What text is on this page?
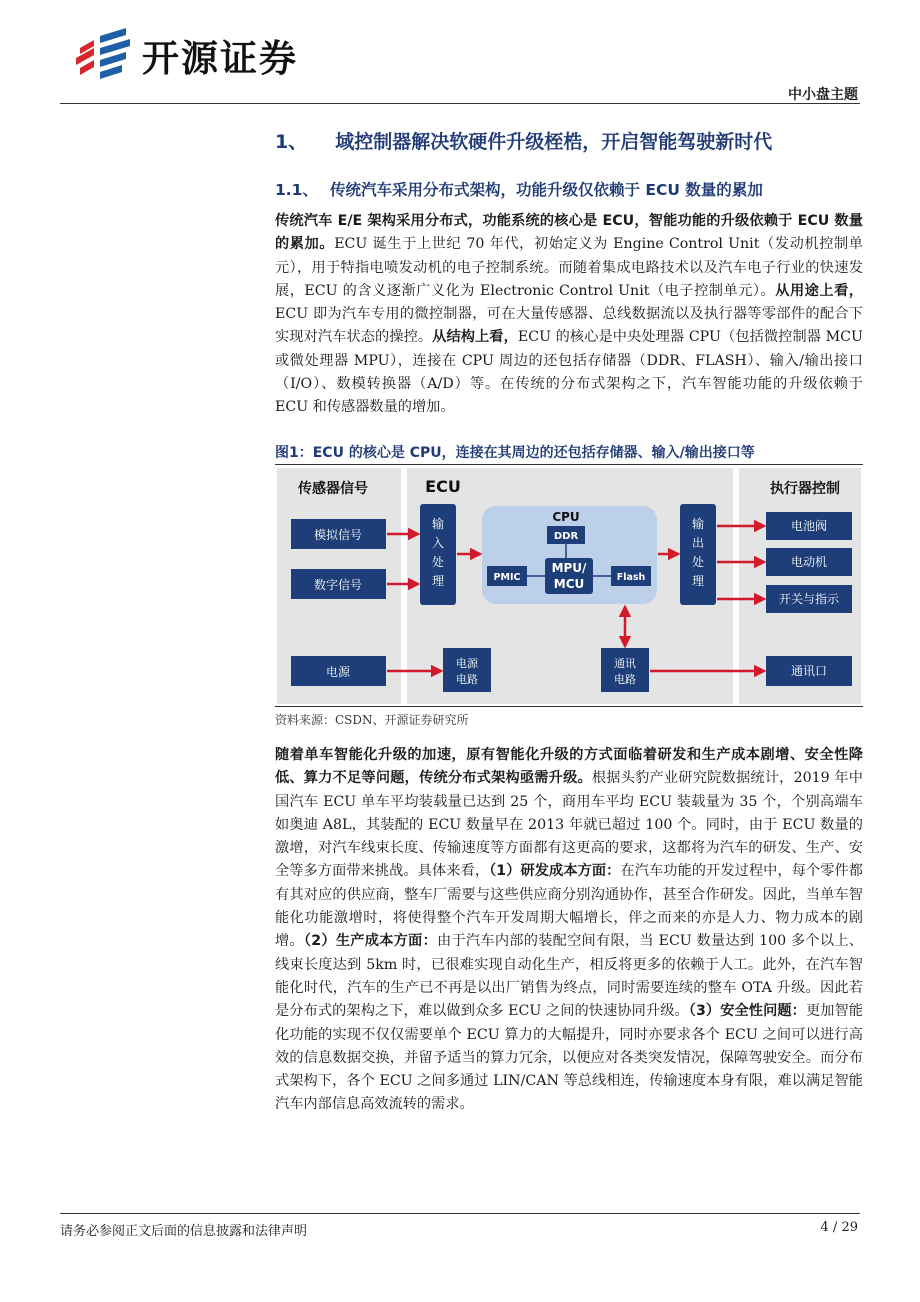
开源证券
中小盘主题
1、 域控制器解决软硬件升级桎梏，开启智能驾驶新时代
1.1、 传统汽车采用分布式架构，功能升级仅依赖于 ECU 数量的累加
传统汽车 E/E 架构采用分布式，功能系统的核心是 ECU，智能功能的升级依赖于 ECU 数量的累加。ECU 诞生于上世纪 70 年代，初始定义为 Engine Control Unit（发动机控制单元），用于特指电喷发动机的电子控制系统。而随着集成电路技术以及汽车电子行业的快速发展，ECU 的含义逐渐广义化为 Electronic Control Unit（电子控制单元）。从用途上看，ECU 即为汽车专用的微控制器，可在大量传感器、总线数据流以及执行器等零部件的配合下实现对汽车状态的操控。从结构上看，ECU 的核心是中央处理器 CPU（包括微控制器 MCU 或微处理器 MPU），连接在 CPU 周边的还包括存储器（DDR、FLASH）、输入/输出接口（I/O）、数模转换器（A/D）等。在传统的分布式架构之下，汽车智能功能的升级依赖于 ECU 和传感器数量的增加。
图1：ECU 的核心是 CPU，连接在其周边的还包括存储器、输入/输出接口等
传感器信号	ECU	执行器控制
模拟信号
数字信号
电源
输
入
处
理
CPU
DDR
PMIC
MPU/
MCU	Flash
输
出
处
理
电源
电路
通讯
电路
电池阀
电动机
开关与指示
通讯口
资料来源：CSDN、开源证券研究所
随着单车智能化升级的加速，原有智能化升级的方式面临着研发和生产成本剧增、安全性降低、算力不足等问题，传统分布式架构亟需升级。根据头豹产业研究院数据统计，2019 年中国汽车 ECU 单车平均装载量已达到 25 个，商用车平均 ECU 装载量为 35 个，个别高端车如奥迪 A8L，其装配的 ECU 数量早在 2013 年就已超过 100 个。同时，由于 ECU 数量的激增，对汽车线束长度、传输速度等方面都有这更高的要求，这都将为汽车的研发、生产、安全等多方面带来挑战。具体来看，（1）研发成本方面：在汽车功能的开发过程中，每个零件都有其对应的供应商，整车厂需要与这些供应商分别沟通协作，甚至合作研发。因此，当单车智能化功能激增时，将使得整个汽车开发周期大幅增长，伴之而来的亦是人力、物力成本的剧增。（2）生产成本方面：由于汽车内部的装配空间有限，当 ECU 数量达到 100 多个以上、线束长度达到 5km 时，已很难实现自动化生产，相反将更多的依赖于人工。此外，在汽车智能化时代，汽车的生产已不再是以出厂销售为终点，同时需要连续的整车 OTA 升级。因此若是分布式的架构之下，难以做到众多 ECU 之间的快速协同升级。（3）安全性问题：更加智能化功能的实现不仅仅需要单个 ECU 算力的大幅提升，同时亦要求各个 ECU 之间可以进行高效的信息数据交换，并留予适当的算力冗余，以便应对各类突发情况，保障驾驶安全。而分布式架构下，各个 ECU 之间多通过 LIN/CAN 等总线相连，传输速度本身有限，难以满足智能汽车内部信息高效流转的需求。
请务必参阅正文后面的信息披露和法律声明	4 / 29
